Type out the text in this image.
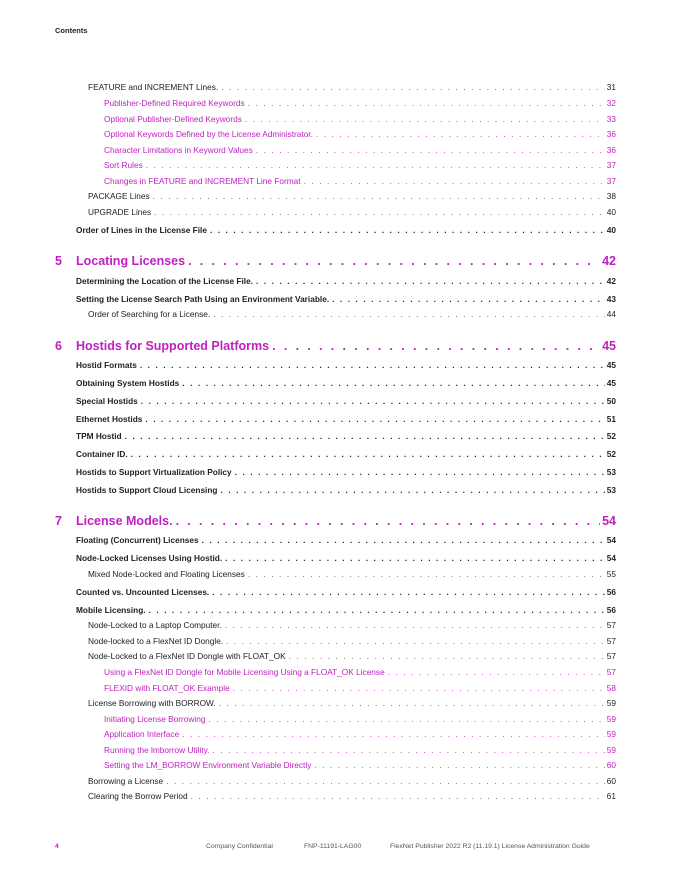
Contents
FEATURE and INCREMENT Lines. . . .	31
Publisher-Defined Required Keywords . . .	32
Optional Publisher-Defined Keywords . . .	33
Optional Keywords Defined by the License Administrator. . . .	36
Character Limitations in Keyword Values . . .	36
Sort Rules . . .	37
Changes in FEATURE and INCREMENT Line Format . . .	37
PACKAGE Lines . . .	38
UPGRADE Lines . . .	40
Order of Lines in the License File . . .	40
5 Locating Licenses . . .	42
Determining the Location of the License File. . . .	42
Setting the License Search Path Using an Environment Variable. . . .	43
Order of Searching for a License. . . .	44
6 Hostids for Supported Platforms . . .	45
Hostid Formats . . .	45
Obtaining System Hostids . . .	45
Special Hostids . . .	50
Ethernet Hostids . . .	51
TPM Hostid . . .	52
Container ID. . . .	52
Hostids to Support Virtualization Policy . . .	53
Hostids to Support Cloud Licensing . . .	53
7 License Models. . . .	54
Floating (Concurrent) Licenses . . .	54
Node-Locked Licenses Using Hostid. . . .	54
Mixed Node-Locked and Floating Licenses . . .	55
Counted vs. Uncounted Licenses. . . .	56
Mobile Licensing. . . .	56
Node-Locked to a Laptop Computer. . . .	57
Node-locked to a FlexNet ID Dongle. . . .	57
Node-Locked to a FlexNet ID Dongle with FLOAT_OK . . .	57
Using a FlexNet ID Dongle for Mobile Licensing Using a FLOAT_OK License . . .	57
FLEXID with FLOAT_OK Example . . .	58
License Borrowing with BORROW. . . .	59
Initiating License Borrowing . . .	59
Application Interface . . .	59
Running the lmborrow Utility. . . .	59
Setting the LM_BORROW Environment Variable Directly . . .	60
Borrowing a License . . .	60
Clearing the Borrow Period . . .	61
4	Company Confidential	FNP-11191-LAG00	FlexNet Publisher 2022 R2 (11.19.1) License Administration Guide
